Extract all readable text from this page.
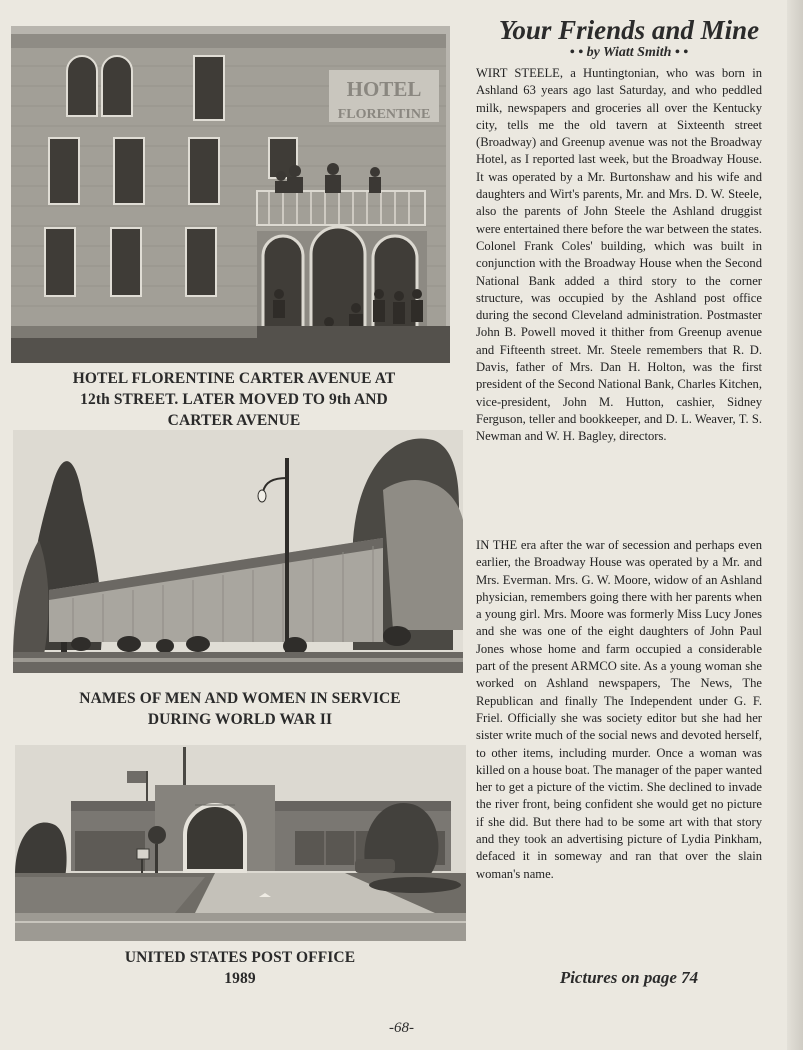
HOTEL
FLORENTINE
HOTEL FLORENTINE CARTER AVENUE AT
12th STREET. LATER MOVED TO 9th AND
CARTER AVENUE
NAMES OF MEN AND WOMEN IN SERVICE
DURING WORLD WAR II
UNITED STATES POST OFFICE
1989
Your Friends and Mine
• • by Wiatt Smith • •

WIRT STEELE, a Huntingtonian, who was born in Ashland 63 years ago last Saturday, and who peddled milk, newspapers and groceries all over the Kentucky city, tells me the old tavern at Sixteenth street (Broadway) and Greenup avenue was not the Broadway Hotel, as I reported last week, but the Broadway House. It was operated by a Mr. Burtonshaw and his wife and daughters and Wirt's parents, Mr. and Mrs. D. W. Steele, also the parents of John Steele the Ashland druggist were entertained there before the war between the states. Colonel Frank Coles' building, which was built in conjunction with the Broadway House when the Second National Bank added a third story to the corner structure, was occupied by the Ashland post office during the second Cleveland administration. Postmaster John B. Powell moved it thither from Greenup avenue and Fifteenth street. Mr. Steele remembers that R. D. Davis, father of Mrs. Dan H. Holton, was the first president of the Second National Bank, Charles Kitchen, vice-president, John M. Hutton, cashier, Sidney Ferguson, teller and bookkeeper, and D. L. Weaver, T. S. Newman and W. H. Bagley, directors.

IN THE era after the war of secession and perhaps even earlier, the Broadway House was operated by a Mr. and Mrs. Everman. Mrs. G. W. Moore, widow of an Ashland physician, remembers going there with her parents when a young girl. Mrs. Moore was formerly Miss Lucy Jones and she was one of the eight daughters of John Paul Jones whose home and farm occupied a considerable part of the present ARMCO site. As a young woman she worked on Ashland newspapers, The News, The Republican and finally The Independent under G. F. Friel. Officially she was society editor but she had her sister write much of the social news and devoted herself, to other items, including murder. Once a woman was killed on a house boat. The manager of the paper wanted her to get a picture of the victim. She declined to invade the river front, being confident she would get no picture if she did. But there had to be some art with that story and they took an advertising picture of Lydia Pinkham, defaced it in someway and ran that over the slain woman's name.

Pictures on page 74
-68-
